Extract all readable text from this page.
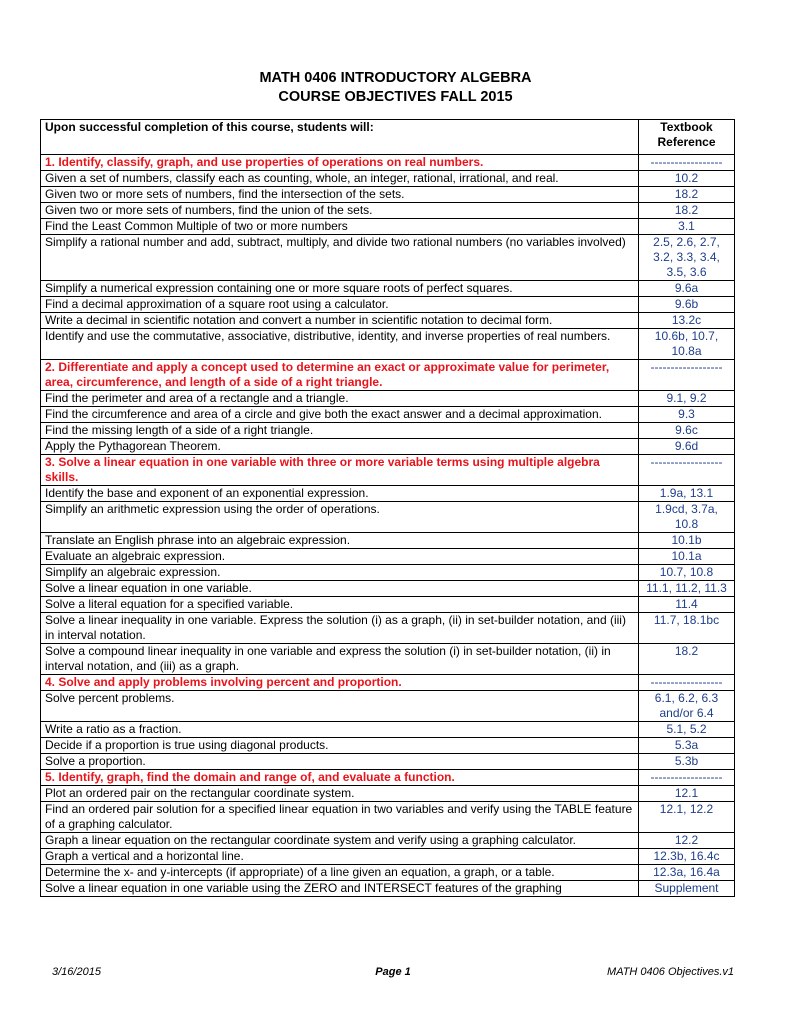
MATH 0406 INTRODUCTORY ALGEBRA
COURSE OBJECTIVES FALL 2015
Upon successful completion of this course, students will:	Textbook
Reference

1. Identify, classify, graph, and use properties of operations on real numbers.	------------------
Given a set of numbers, classify each as counting, whole, an integer, rational, irrational, and real.	10.2
Given two or more sets of numbers, find the intersection of the sets.	18.2
Given two or more sets of numbers, find the union of the sets.	18.2
Find the Least Common Multiple of two or more numbers	3.1
Simplify a rational number and add, subtract, multiply, and divide two rational numbers (no variables involved)	2.5, 2.6, 2.7, 3.2, 3.3, 3.4, 3.5, 3.6
Simplify a numerical expression containing one or more square roots of perfect squares.	9.6a
Find a decimal approximation of a square root using a calculator.	9.6b
Write a decimal in scientific notation and convert a number in scientific notation to decimal form.	13.2c
Identify and use the commutative, associative, distributive, identity, and inverse properties of real numbers.	10.6b, 10.7, 10.8a
2. Differentiate and apply a concept used to determine an exact or approximate value for perimeter, area, circumference, and length of a side of a right triangle.	------------------
Find the perimeter and area of a rectangle and a triangle.	9.1, 9.2
Find the circumference and area of a circle and give both the exact answer and a decimal approximation.	9.3
Find the missing length of a side of a right triangle.	9.6c
Apply the Pythagorean Theorem.	9.6d
3. Solve a linear equation in one variable with three or more variable terms using multiple algebra skills.	------------------
Identify the base and exponent of an exponential expression.	1.9a, 13.1
Simplify an arithmetic expression using the order of operations.	1.9cd, 3.7a, 10.8
Translate an English phrase into an algebraic expression.	10.1b
Evaluate an algebraic expression.	10.1a
Simplify an algebraic expression.	10.7, 10.8
Solve a linear equation in one variable.	11.1, 11.2, 11.3
Solve a literal equation for a specified variable.	11.4
Solve a linear inequality in one variable. Express the solution (i) as a graph, (ii) in set-builder notation, and (iii) in interval notation.	11.7, 18.1bc
Solve a compound linear inequality in one variable and express the solution (i) in set-builder notation, (ii) in interval notation, and (iii) as a graph.	18.2
4. Solve and apply problems involving percent and proportion.	------------------
Solve percent problems.	6.1, 6.2, 6.3 and/or 6.4
Write a ratio as a fraction.	5.1, 5.2
Decide if a proportion is true using diagonal products.	5.3a
Solve a proportion.	5.3b
5. Identify, graph, find the domain and range of, and evaluate a function.	------------------
Plot an ordered pair on the rectangular coordinate system.	12.1
Find an ordered pair solution for a specified linear equation in two variables and verify using the TABLE feature of a graphing calculator.	12.1, 12.2
Graph a linear equation on the rectangular coordinate system and verify using a graphing calculator.	12.2
Graph a vertical and a horizontal line.	12.3b, 16.4c
Determine the x- and y-intercepts (if appropriate) of a line given an equation, a graph, or a table.	12.3a, 16.4a
Solve a linear equation in one variable using the ZERO and INTERSECT features of the graphing	Supplement
3/16/2015	Page 1	MATH 0406 Objectives.v1
